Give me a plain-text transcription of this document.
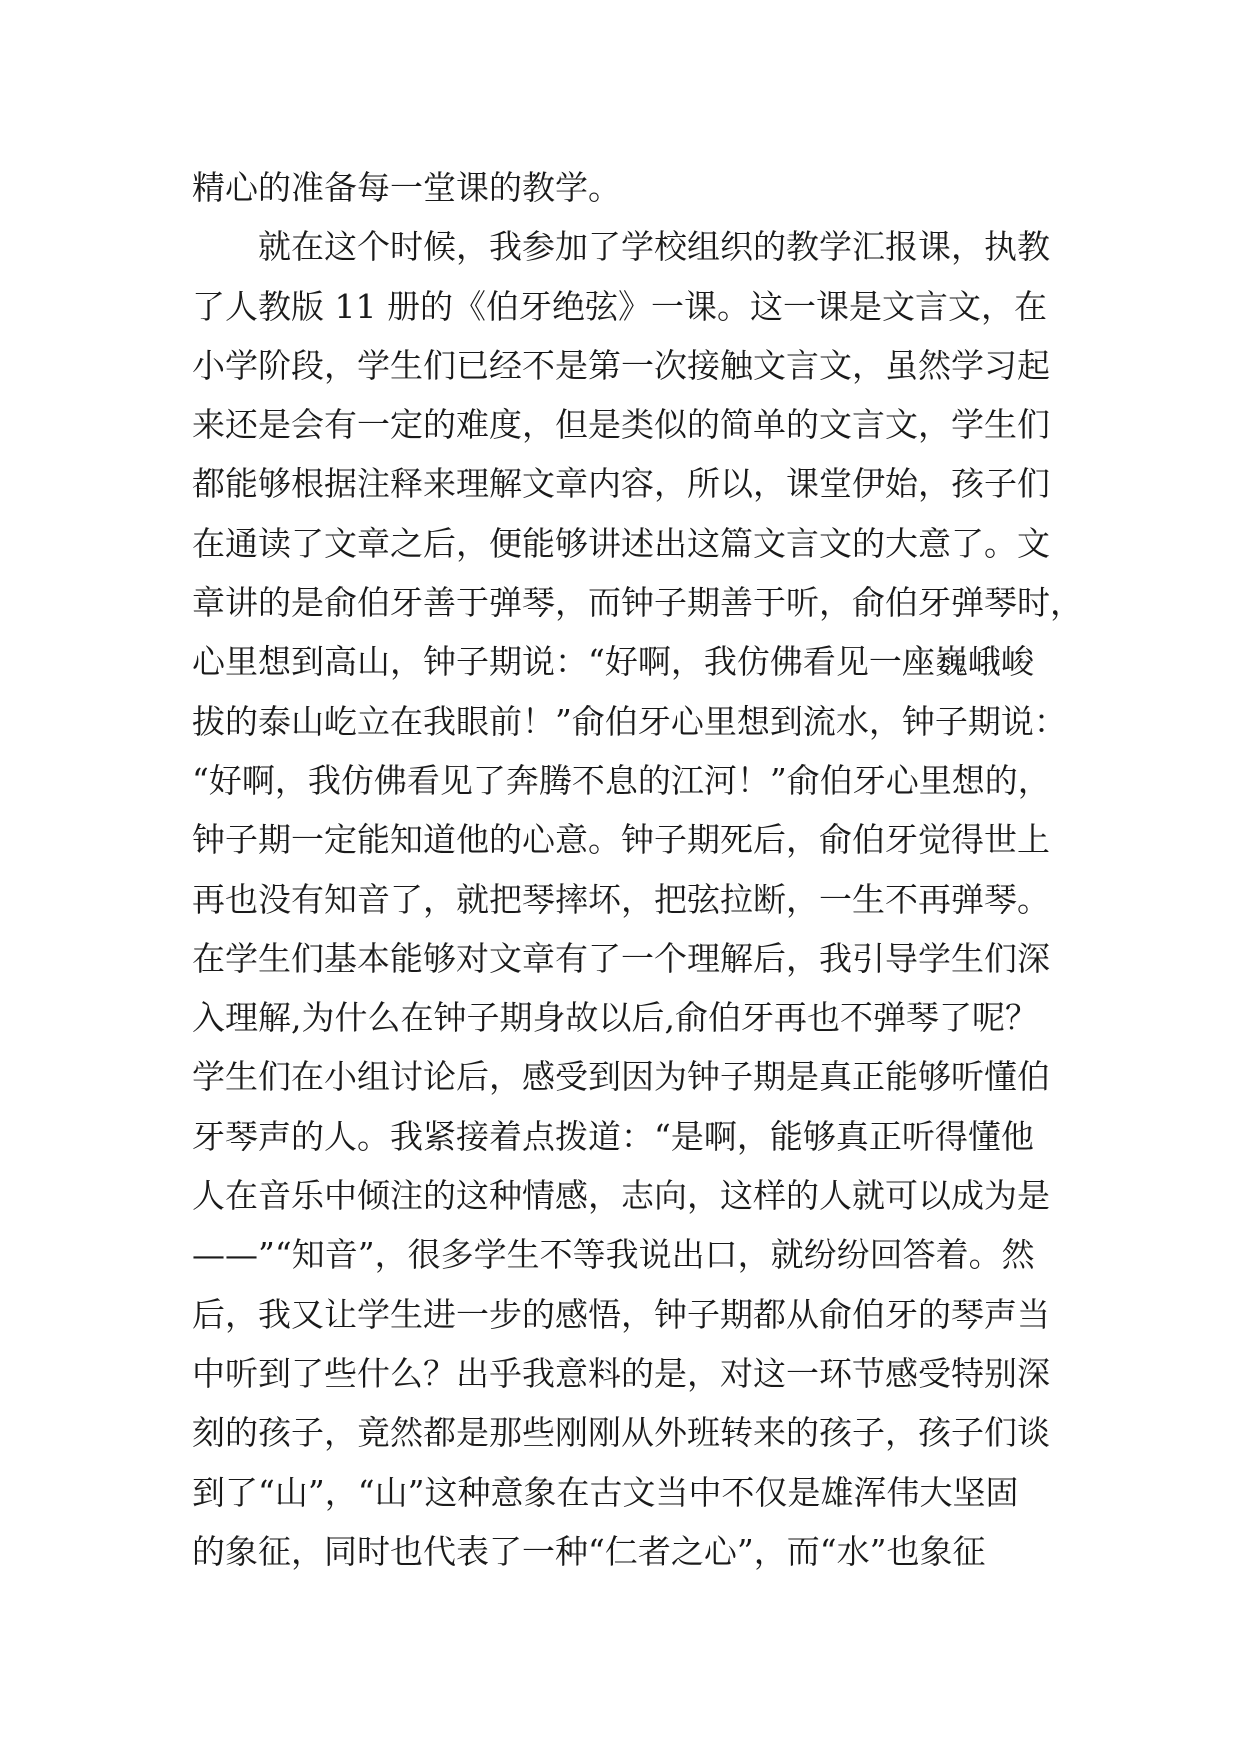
精心的准备每一堂课的教学。
　　就在这个时候，我参加了学校组织的教学汇报课，执教
了人教版 11 册的《伯牙绝弦》一课。这一课是文言文，在
小学阶段，学生们已经不是第一次接触文言文，虽然学习起
来还是会有一定的难度，但是类似的简单的文言文，学生们
都能够根据注释来理解文章内容，所以，课堂伊始，孩子们
在通读了文章之后，便能够讲述出这篇文言文的大意了。文
章讲的是俞伯牙善于弹琴，而钟子期善于听，俞伯牙弹琴时，
心里想到高山，钟子期说：“好啊，我仿佛看见一座巍峨峻
拔的泰山屹立在我眼前！”俞伯牙心里想到流水，钟子期说：
“好啊，我仿佛看见了奔腾不息的江河！”俞伯牙心里想的，
钟子期一定能知道他的心意。钟子期死后，俞伯牙觉得世上
再也没有知音了，就把琴摔坏，把弦拉断，一生不再弹琴。
在学生们基本能够对文章有了一个理解后，我引导学生们深
入理解,为什么在钟子期身故以后,俞伯牙再也不弹琴了呢？
学生们在小组讨论后，感受到因为钟子期是真正能够听懂伯
牙琴声的人。我紧接着点拨道：“是啊，能够真正听得懂他
人在音乐中倾注的这种情感，志向，这样的人就可以成为是
——”“知音”，很多学生不等我说出口，就纷纷回答着。然
后，我又让学生进一步的感悟，钟子期都从俞伯牙的琴声当
中听到了些什么？出乎我意料的是，对这一环节感受特别深
刻的孩子，竟然都是那些刚刚从外班转来的孩子，孩子们谈
到了“山”，“山”这种意象在古文当中不仅是雄浑伟大坚固
的象征，同时也代表了一种“仁者之心”，而“水”也象征
